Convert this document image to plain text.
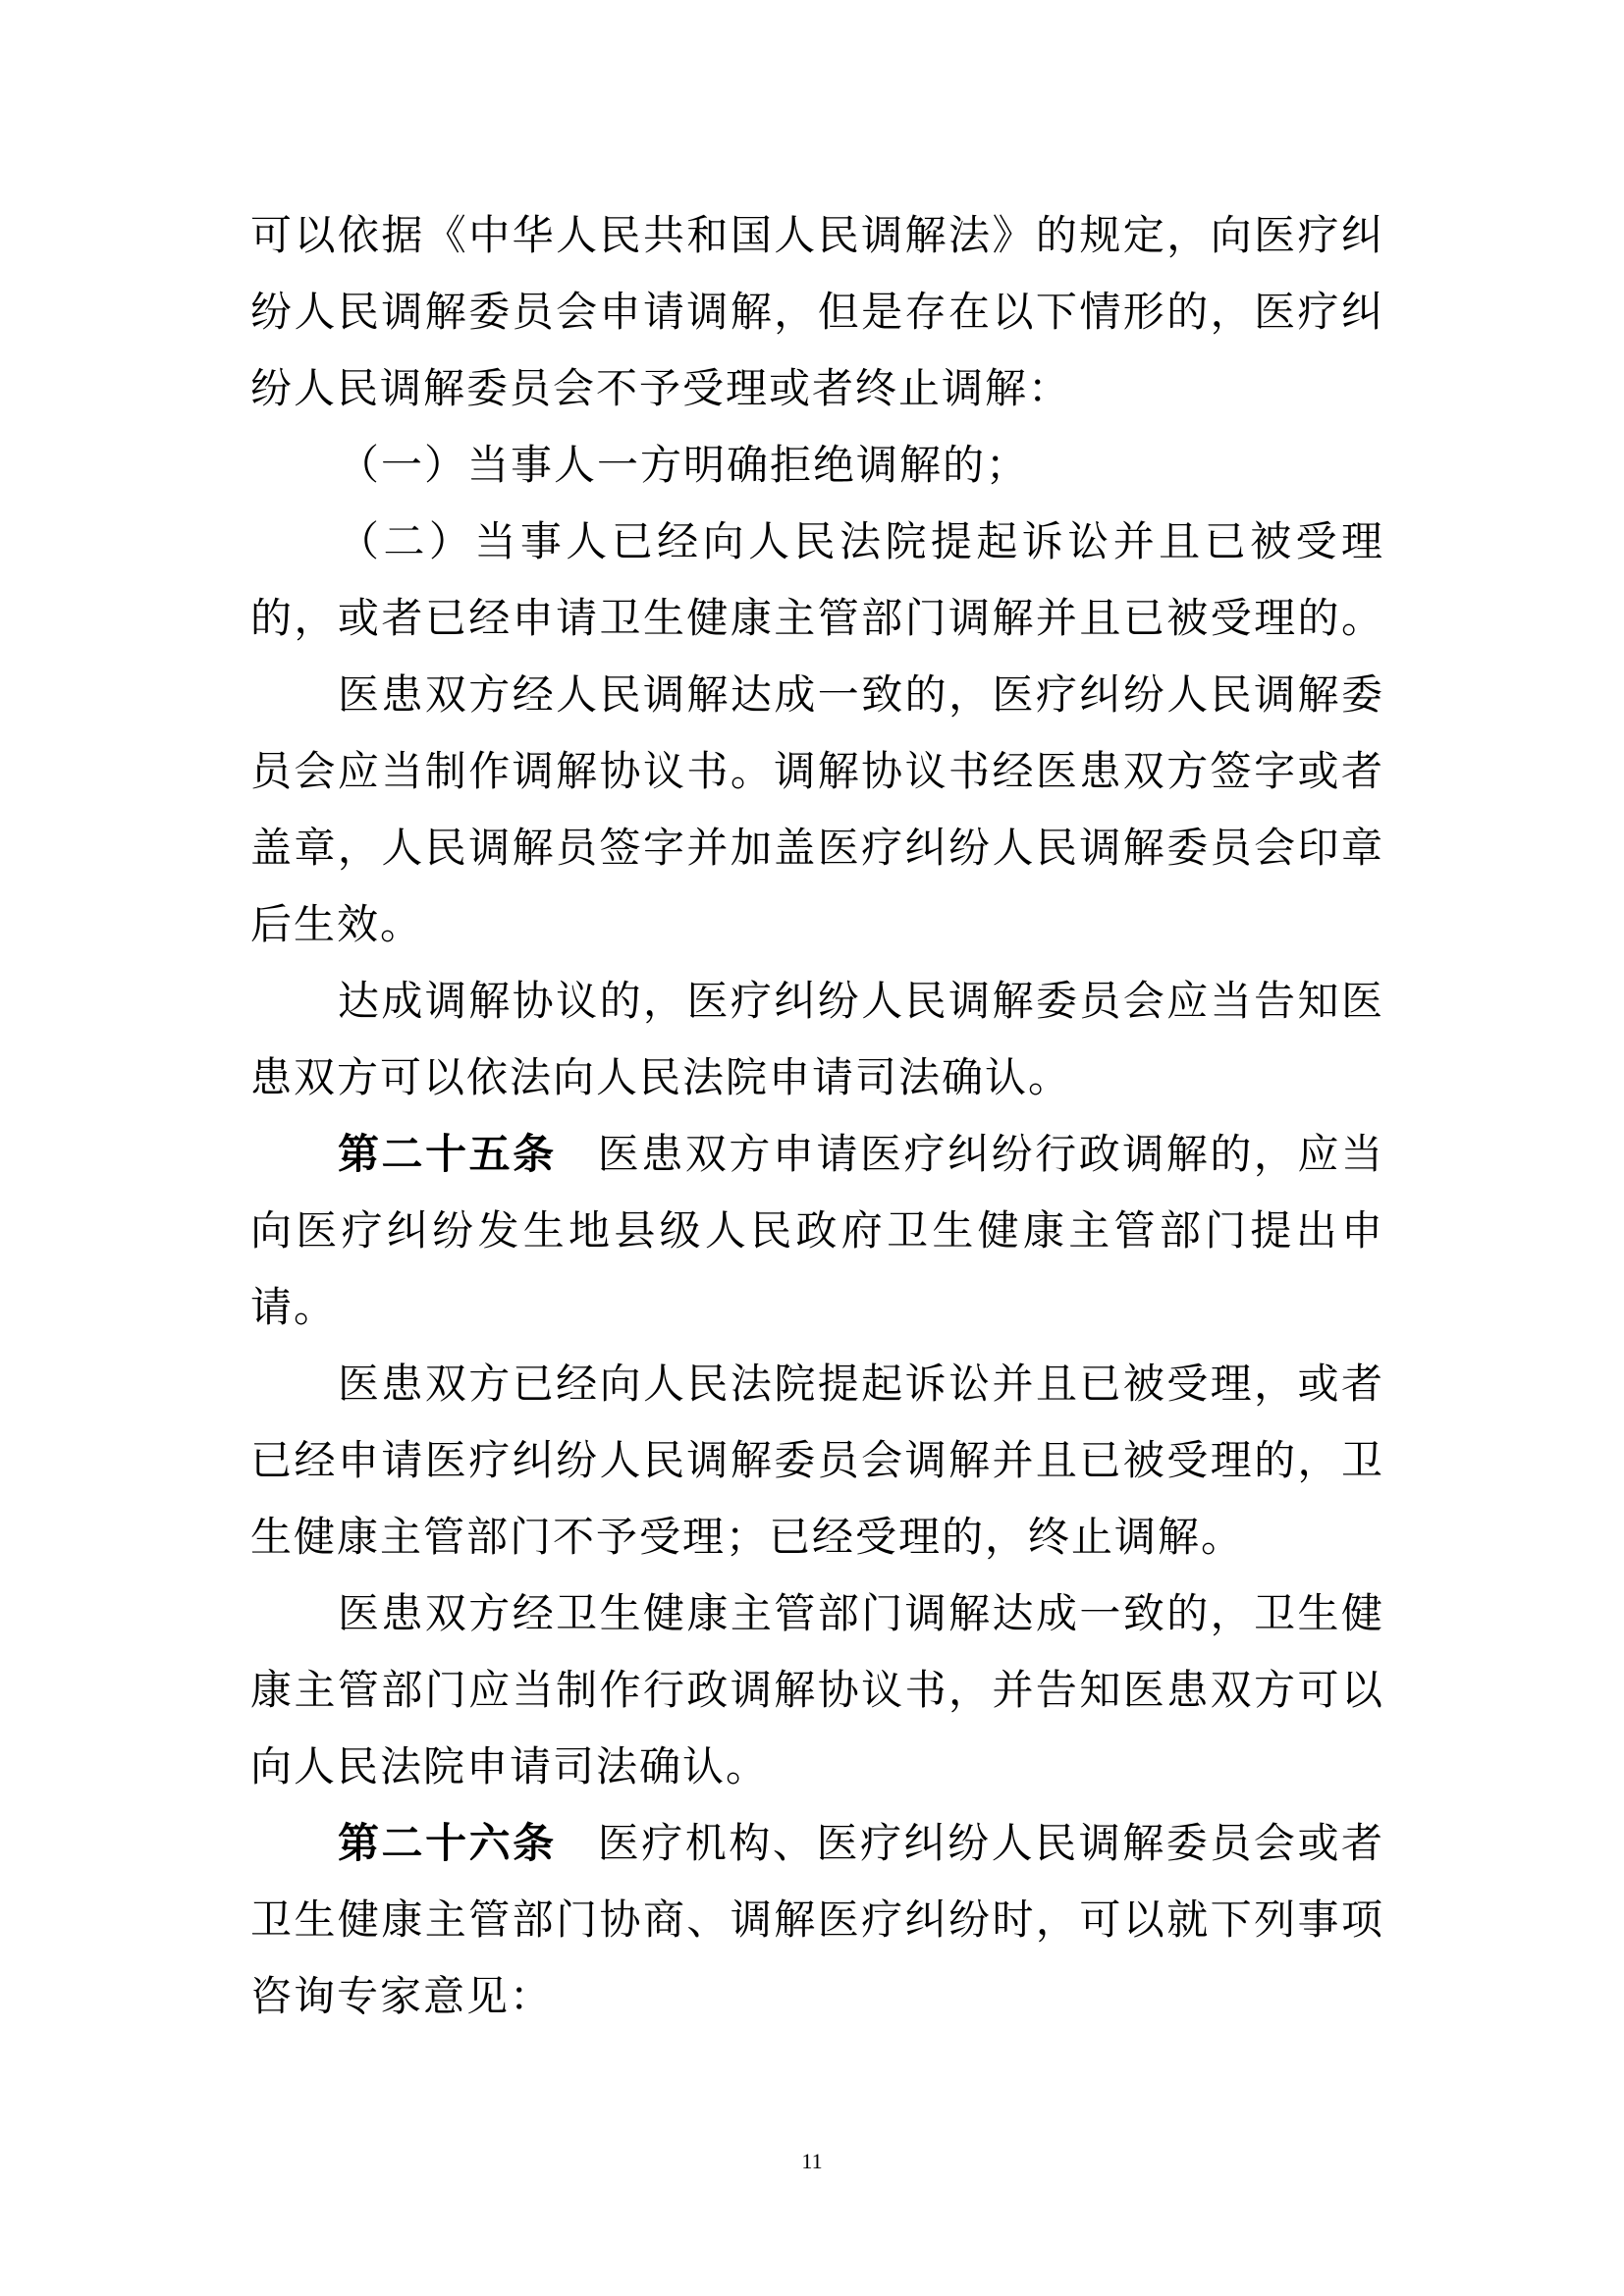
可以依据《中华人民共和国人民调解法》的规定，向医疗纠
纷人民调解委员会申请调解，但是存在以下情形的，医疗纠
纷人民调解委员会不予受理或者终止调解：
（一）当事人一方明确拒绝调解的；
（二）当事人已经向人民法院提起诉讼并且已被受理
的，或者已经申请卫生健康主管部门调解并且已被受理的。
医患双方经人民调解达成一致的，医疗纠纷人民调解委
员会应当制作调解协议书。调解协议书经医患双方签字或者
盖章，人民调解员签字并加盖医疗纠纷人民调解委员会印章
后生效。
达成调解协议的，医疗纠纷人民调解委员会应当告知医
患双方可以依法向人民法院申请司法确认。
第二十五条 医患双方申请医疗纠纷行政调解的，应当
向医疗纠纷发生地县级人民政府卫生健康主管部门提出申
请。
医患双方已经向人民法院提起诉讼并且已被受理，或者
已经申请医疗纠纷人民调解委员会调解并且已被受理的，卫
生健康主管部门不予受理；已经受理的，终止调解。
医患双方经卫生健康主管部门调解达成一致的，卫生健
康主管部门应当制作行政调解协议书，并告知医患双方可以
向人民法院申请司法确认。
第二十六条 医疗机构、医疗纠纷人民调解委员会或者
卫生健康主管部门协商、调解医疗纠纷时，可以就下列事项
咨询专家意见：
11
